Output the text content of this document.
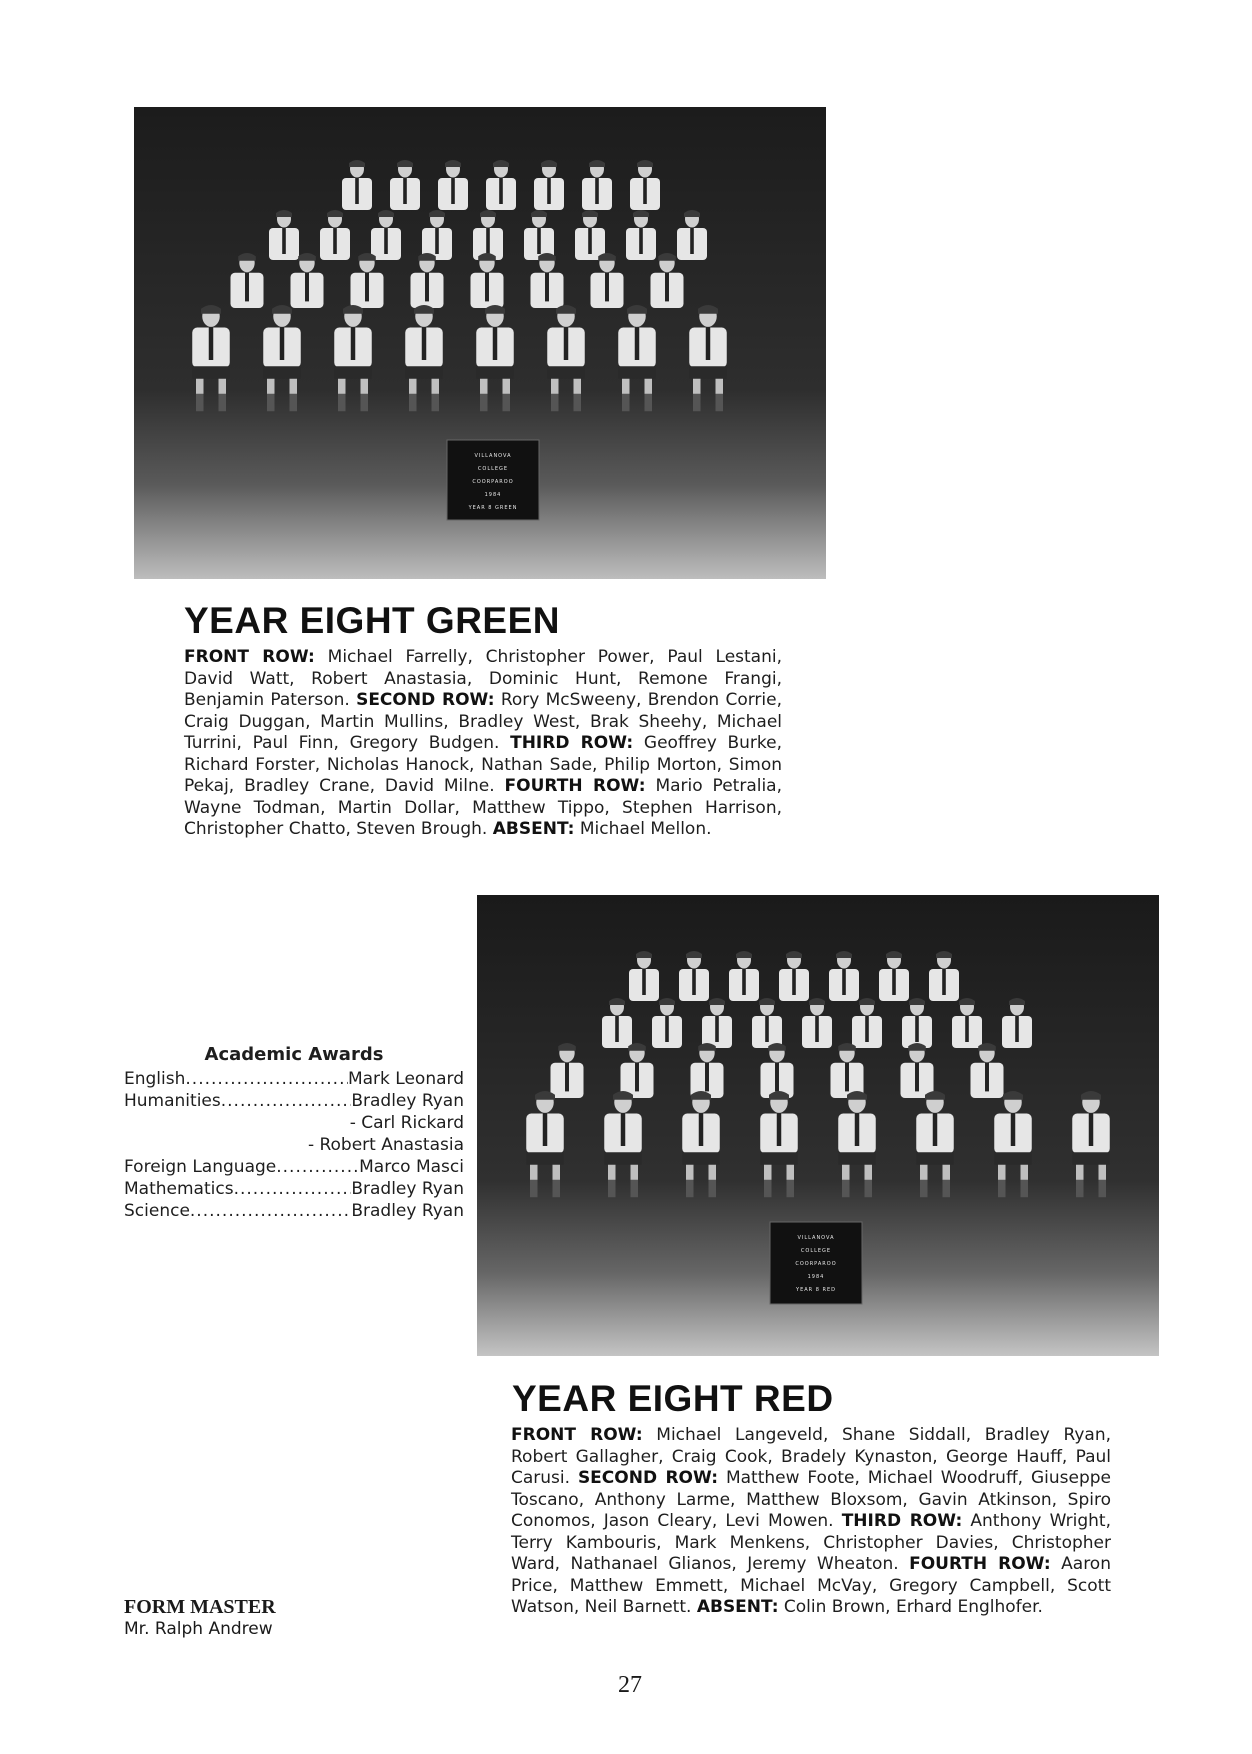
VILLANOVA
COLLEGE
COORPAROO
1984
YEAR 8 GREEN
YEAR EIGHT GREEN

FRONT ROW: Michael Farrelly, Christopher Power, Paul Lestani, David Watt, Robert Anastasia, Dominic Hunt, Remone Frangi, Benjamin Paterson. SECOND ROW: Rory McSweeny, Brendon Corrie, Craig Duggan, Martin Mullins, Bradley West, Brak Sheehy, Michael Turrini, Paul Finn, Gregory Budgen. THIRD ROW: Geoffrey Burke, Richard Forster, Nicholas Hanock, Nathan Sade, Philip Morton, Simon Pekaj, Bradley Crane, David Milne. FOURTH ROW: Mario Petralia, Wayne Todman, Martin Dollar, Matthew Tippo, Stephen Harrison, Christopher Chatto, Steven Brough. ABSENT: Michael Mellon.

VILLANOVA
COLLEGE
COORPAROO
1984
YEAR 8 RED
Academic Awards
English .....	Mark Leonard
Humanities .....	Bradley Ryan
- Carl Rickard
- Robert Anastasia
Foreign Language .....	Marco Masci
Mathematics .....	Bradley Ryan
Science .....	Bradley Ryan
YEAR EIGHT RED

FRONT ROW: Michael Langeveld, Shane Siddall, Bradley Ryan, Robert Gallagher, Craig Cook, Bradely Kynaston, George Hauff, Paul Carusi. SECOND ROW: Matthew Foote, Michael Woodruff, Giuseppe Toscano, Anthony Larme, Matthew Bloxsom, Gavin Atkinson, Spiro Conomos, Jason Cleary, Levi Mowen. THIRD ROW: Anthony Wright, Terry Kambouris, Mark Menkens, Christopher Davies, Christopher Ward, Nathanael Glianos, Jeremy Wheaton. FOURTH ROW: Aaron Price, Matthew Emmett, Michael McVay, Gregory Campbell, Scott Watson, Neil Barnett. ABSENT: Colin Brown, Erhard Englhofer.

FORM MASTER
Mr. Ralph Andrew
27
